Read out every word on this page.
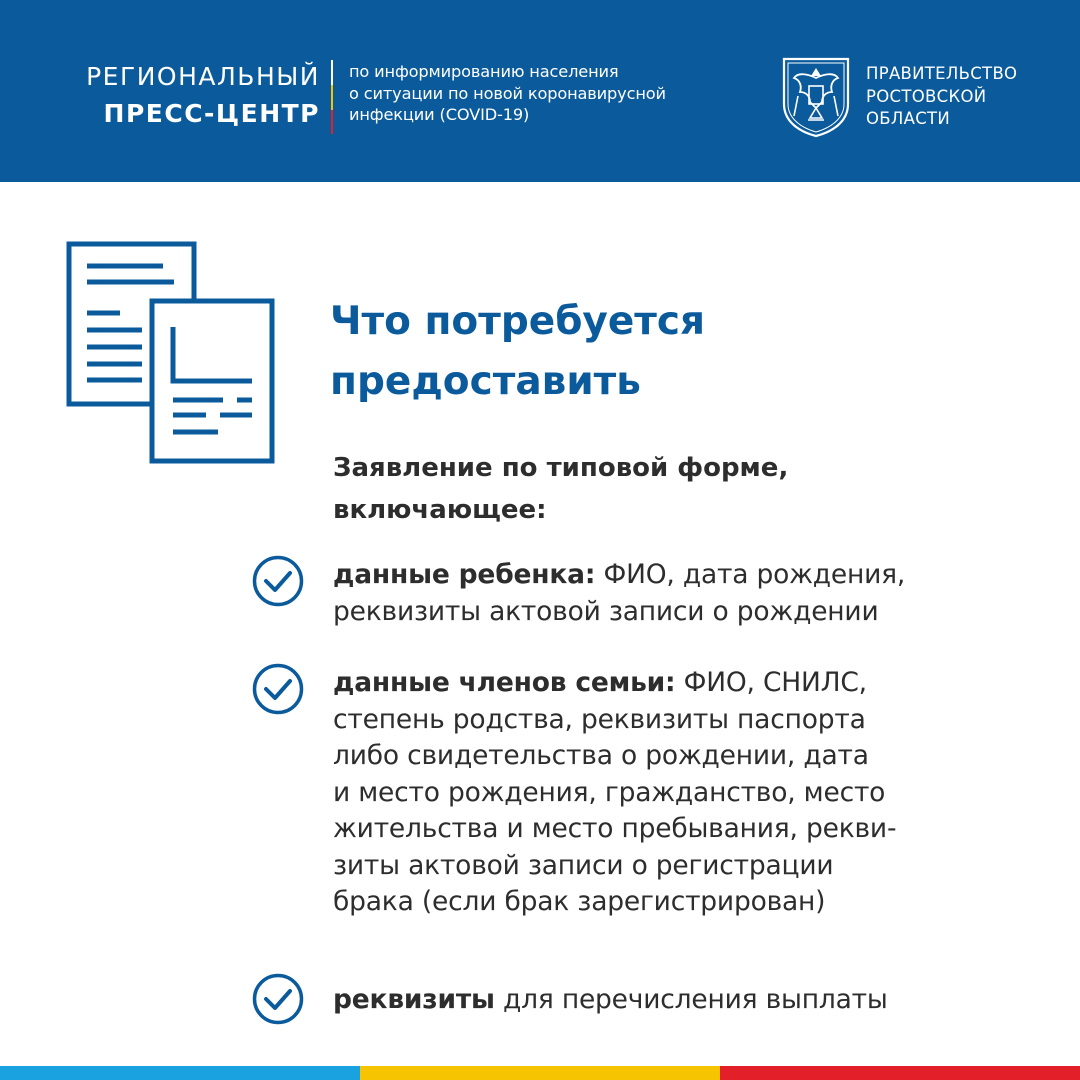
РЕГИОНАЛЬНЫЙ
ПРЕСС-ЦЕНТР
по информированию населения
о ситуации по новой коронавирусной
инфекции (COVID-19)
ПРАВИТЕЛЬСТВО
РОСТОВСКОЙ
ОБЛАСТИ
Что потребуется
предоставить
Заявление по типовой форме,
включающее:
данные ребенка: ФИО, дата рождения,
реквизиты актовой записи о рождении
данные членов семьи: ФИО, СНИЛС,
степень родства, реквизиты паспорта
либо свидетельства о рождении, дата
и место рождения, гражданство, место
жительства и место пребывания, рекви-
зиты актовой записи о регистрации
брака (если брак зарегистрирован)
реквизиты для перечисления выплаты
